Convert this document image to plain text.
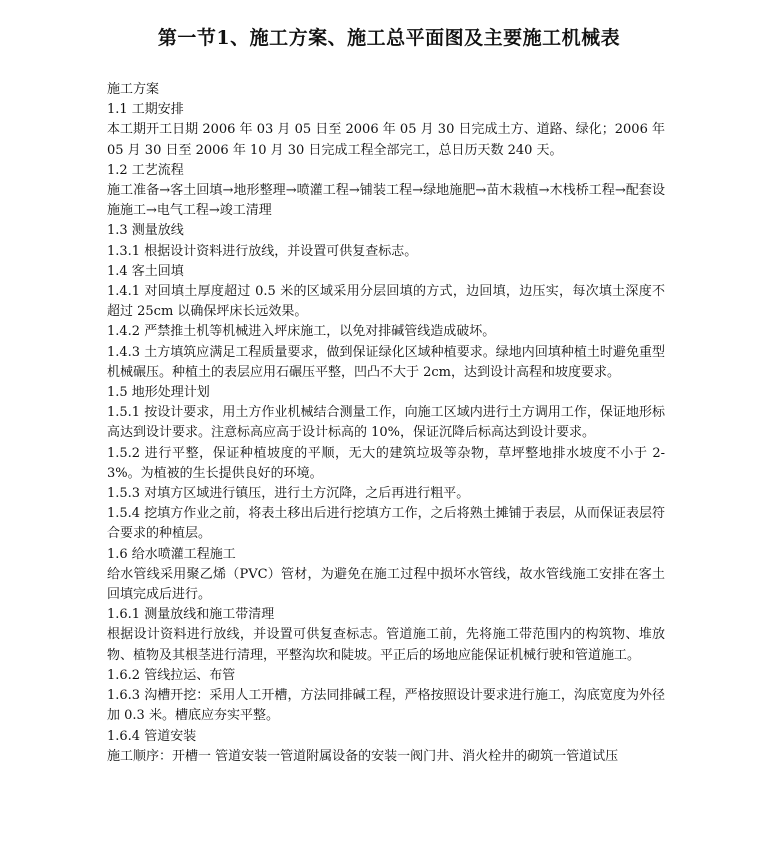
第一节1、施工方案、施工总平面图及主要施工机械表

施工方案

1.1 工期安排

本工期开工日期 2006 年 03 月 05 日至 2006 年 05 月 30 日完成土方、道路、绿化；2006 年 05 月 30 日至 2006 年 10 月 30 日完成工程全部完工，总日历天数 240 天。

1.2 工艺流程

施工准备→客土回填→地形整理→喷灌工程→铺装工程→绿地施肥→苗木栽植→木栈桥工程→配套设施施工→电气工程→竣工清理

1.3 测量放线

1.3.1 根据设计资料进行放线，并设置可供复查标志。

1.4 客土回填

1.4.1 对回填土厚度超过 0.5 米的区域采用分层回填的方式，边回填，边压实，每次填土深度不超过 25cm 以确保坪床长远效果。

1.4.2 严禁推土机等机械进入坪床施工，以免对排碱管线造成破坏。

1.4.3 土方填筑应满足工程质量要求，做到保证绿化区域种植要求。绿地内回填种植土时避免重型机械碾压。种植土的表层应用石碾压平整，凹凸不大于 2cm，达到设计高程和坡度要求。

1.5 地形处理计划

1.5.1 按设计要求，用土方作业机械结合测量工作，向施工区域内进行土方调用工作，保证地形标高达到设计要求。注意标高应高于设计标高的 10%，保证沉降后标高达到设计要求。

1.5.2 进行平整，保证种植坡度的平顺，无大的建筑垃圾等杂物，草坪整地排水坡度不小于 2-3%。为植被的生长提供良好的环境。

1.5.3 对填方区域进行镇压，进行土方沉降，之后再进行粗平。

1.5.4 挖填方作业之前，将表土移出后进行挖填方工作，之后将熟土摊铺于表层，从而保证表层符合要求的种植层。

1.6 给水喷灌工程施工

给水管线采用聚乙烯（PVC）管材，为避免在施工过程中损坏水管线，故水管线施工安排在客土回填完成后进行。

1.6.1 测量放线和施工带清理

根据设计资料进行放线，并设置可供复查标志。管道施工前，先将施工带范围内的构筑物、堆放物、植物及其根茎进行清理，平整沟坎和陡坡。平正后的场地应能保证机械行驶和管道施工。

1.6.2 管线拉运、布管

1.6.3 沟槽开挖：采用人工开槽，方法同排碱工程，严格按照设计要求进行施工，沟底宽度为外径加 0.3 米。槽底应夯实平整。

1.6.4 管道安装

施工顺序：开槽一 管道安装一管道附属设备的安装一阀门井、消火栓井的砌筑一管道试压
